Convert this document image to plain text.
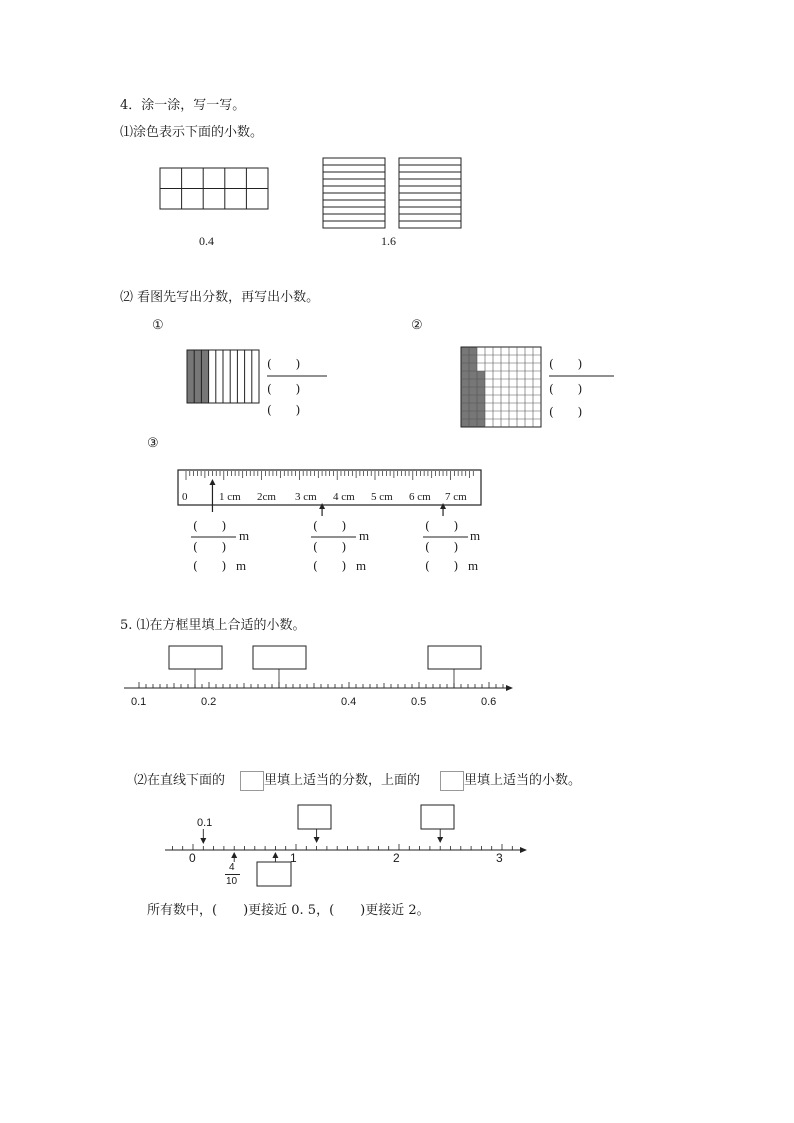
4．涂一涂，写一写。
⑴涂色表示下面的小数。
0.4	1.6
⑵ 看图先写出分数，再写出小数。
①	②
③
(　　)
(　　)
(　　)
(　　)
(　　)
(　　)
0	1 cm 2cm 3 cm 4 cm 5 cm 6 cm 7 cm
(　　)
(　　)
m
(　　) m
(　　)
(　　)
m
(　　) m
(　　)
(　　)
m
(　　) m
5. ⑴在方框里填上合适的小数。
0.1	0.2	0.4	0.5	0.6
⑵在直线下面的	里填上适当的分数，上面的	里填上适当的小数。
0.1
0	1	2	3
4
10
所有数中，(　　)更接近 0. 5，(　　)更接近 2。
